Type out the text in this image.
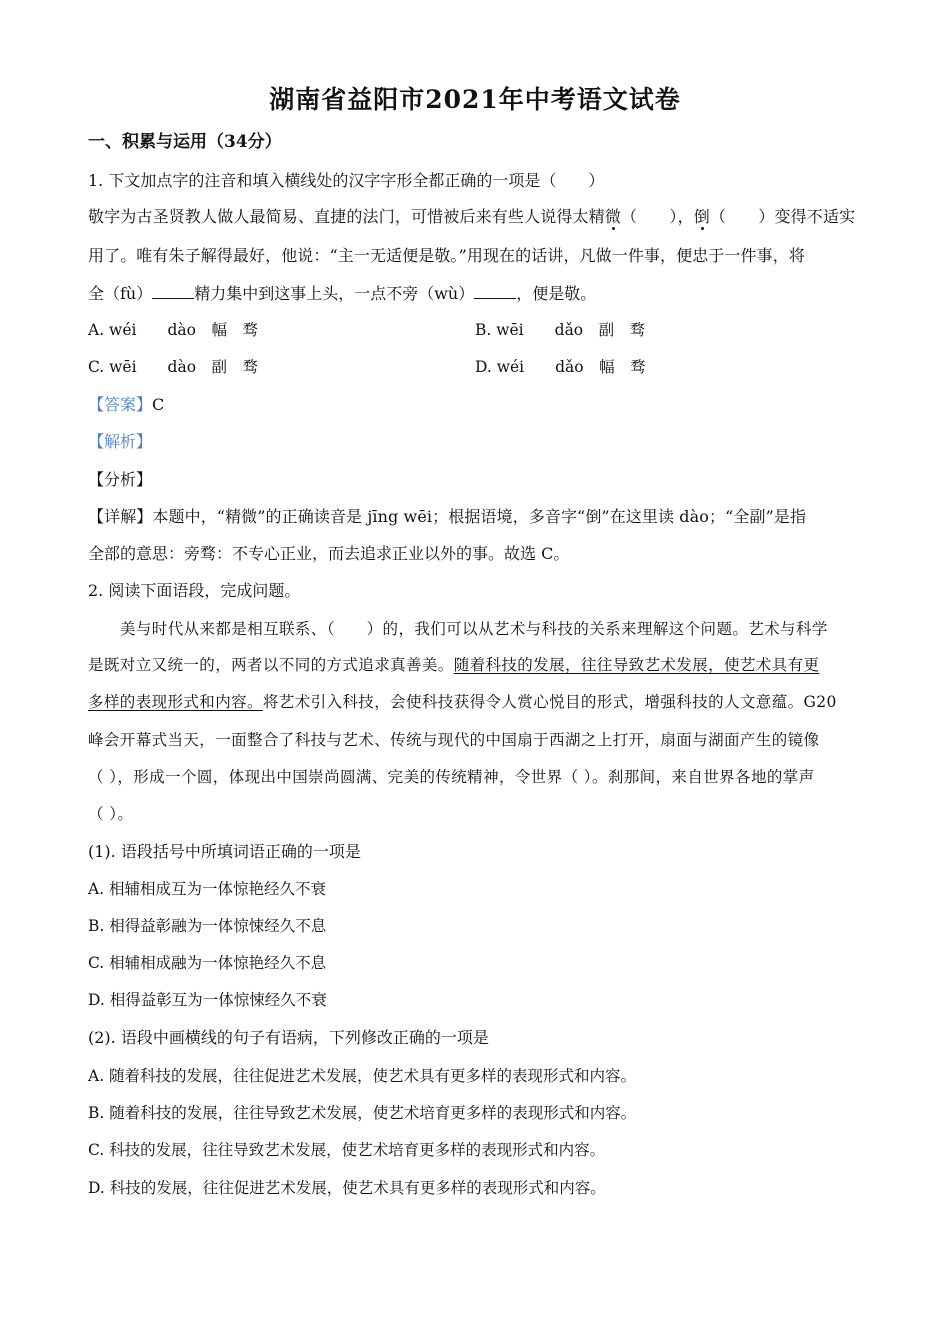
湖南省益阳市2021年中考语文试卷
一、积累与运用（34分）
1. 下文加点字的注音和填入横线处的汉字字形全都正确的一项是（　　）
敬字为古圣贤教人做人最简易、直捷的法门，可惜被后来有些人说得太精微（　　），倒（　　）变得不适实
用了。唯有朱子解得最好，他说：“主一无适便是敬。”用现在的话讲，凡做一件事，便忠于一件事，将
全（fù）	精力集中到这事上头，一点不旁（wù）	，便是敬。
A. wéi　　dào　幅　骛	B. wēi　　dǎo　副　骛
C. wēi　　dào　副　骛	D. wéi　　dǎo　幅　骛
【答案】C
【解析】
【分析】
【详解】本题中，“精微”的正确读音是 jīng wēi；根据语境，多音字“倒”在这里读 dào；“全副”是指
全部的意思：旁骛：不专心正业，而去追求正业以外的事。故选 C。
2. 阅读下面语段，完成问题。
美与时代从来都是相互联系、（　　）的，我们可以从艺术与科技的关系来理解这个问题。艺术与科学
是既对立又统一的，两者以不同的方式追求真善美。随着科技的发展，往往导致艺术发展，使艺术具有更
多样的表现形式和内容。将艺术引入科技，会使科技获得令人赏心悦目的形式，增强科技的人文意蕴。G20
峰会开幕式当天，一面整合了科技与艺术、传统与现代的中国扇于西湖之上打开，扇面与湖面产生的镜像
（ ），形成一个圆，体现出中国崇尚圆满、完美的传统精神，令世界（ ）。刹那间，来自世界各地的掌声
（ ）。
(1). 语段括号中所填词语正确的一项是
A. 相辅相成互为一体惊艳经久不衰
B. 相得益彰融为一体惊悚经久不息
C. 相辅相成融为一体惊艳经久不息
D. 相得益彰互为一体惊悚经久不衰
(2). 语段中画横线的句子有语病，下列修改正确的一项是
A. 随着科技的发展，往往促进艺术发展，使艺术具有更多样的表现形式和内容。
B. 随着科技的发展，往往导致艺术发展，使艺术培育更多样的表现形式和内容。
C. 科技的发展，往往导致艺术发展，使艺术培育更多样的表现形式和内容。
D. 科技的发展，往往促进艺术发展，使艺术具有更多样的表现形式和内容。
